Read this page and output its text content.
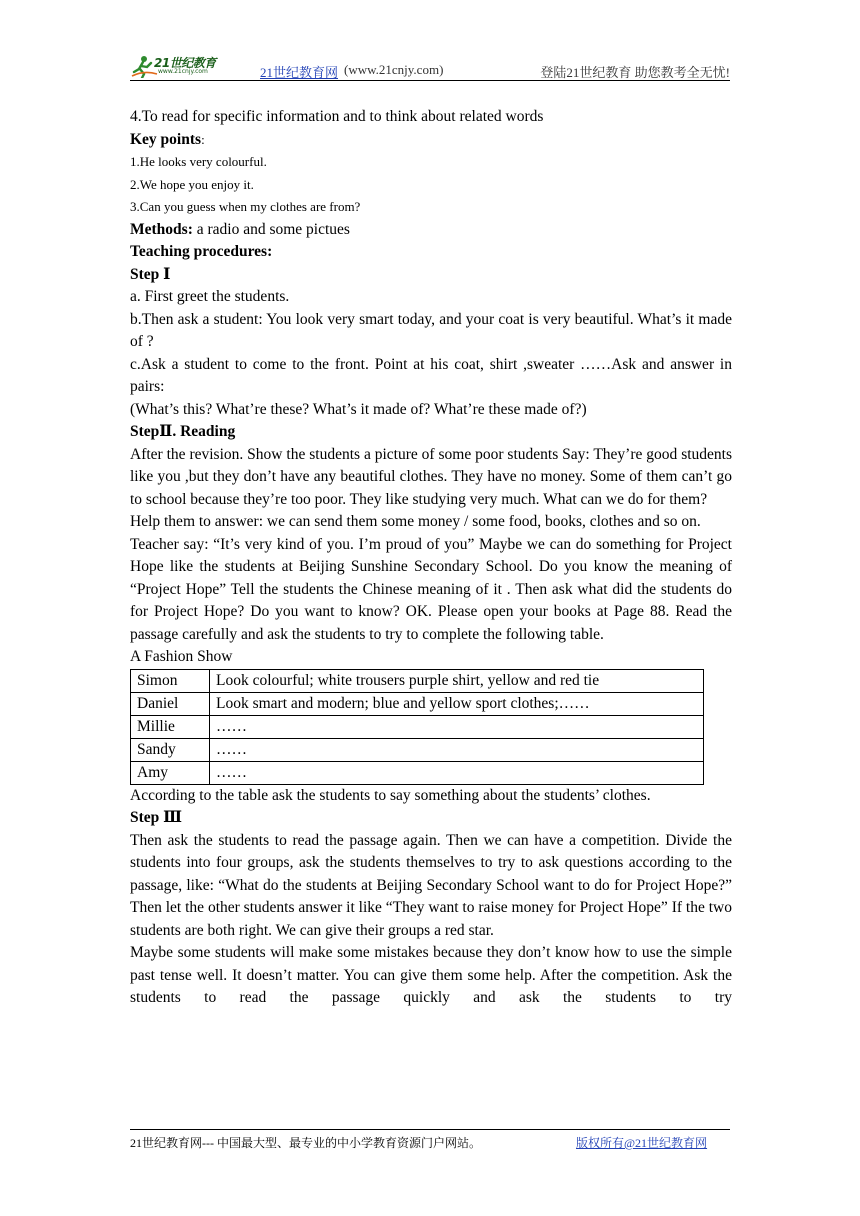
21世纪教育
www.21cnjy.com	21世纪教育网 (www.21cnjy.com)	登陆21世纪教育 助您教考全无忧!

4.To read for specific information and to think about related words

Key points:

1.He looks very colourful.

2.We hope you enjoy it.

3.Can you guess when my clothes are from?

Methods: a radio and some pictues

Teaching procedures:

Step Ⅰ

a. First greet the students.

b.Then ask a student: You look very smart today, and your coat is very beautiful. What’s it made of ?

c.Ask a student to come to the front. Point at his coat, shirt ,sweater ……Ask and answer in pairs:

(What’s this? What’re these? What’s it made of? What’re these made of?)

StepⅡ. Reading

After the revision. Show the students a picture of some poor students Say: They’re good students like you ,but they don’t have any beautiful clothes. They have no money. Some of them can’t go to school because they’re too poor. They like studying very much. What can we do for them?

Help them to answer: we can send them some money / some food, books, clothes and so on.

Teacher say: “It’s very kind of you. I’m proud of you” Maybe we can do something for Project Hope like the students at Beijing Sunshine Secondary School. Do you know the meaning of “Project Hope” Tell the students the Chinese meaning of it . Then ask what did the students do for Project Hope? Do you want to know? OK. Please open your books at Page 88. Read the passage carefully and ask the students to try to complete the following table.

A Fashion Show

Simon	Look colourful; white trousers purple shirt, yellow and red tie
Daniel	Look smart and modern; blue and yellow sport clothes;……
Millie	……
Sandy	……
Amy	……

According to the table ask the students to say something about the students’ clothes.

Step Ⅲ

Then ask the students to read the passage again. Then we can have a competition. Divide the students into four groups, ask the students themselves to try to ask questions according to the passage, like: “What do the students at Beijing Secondary School want to do for Project Hope?” Then let the other students answer it like “They want to raise money for Project Hope” If the two students are both right. We can give their groups a red star.

Maybe some students will make some mistakes because they don’t know how to use the simple past tense well. It doesn’t matter. You can give them some help. After the competition. Ask the students to read the passage quickly and ask the students to try

21世纪教育网--- 中国最大型、最专业的中小学教育资源门户网站。	版权所有@21世纪教育网
